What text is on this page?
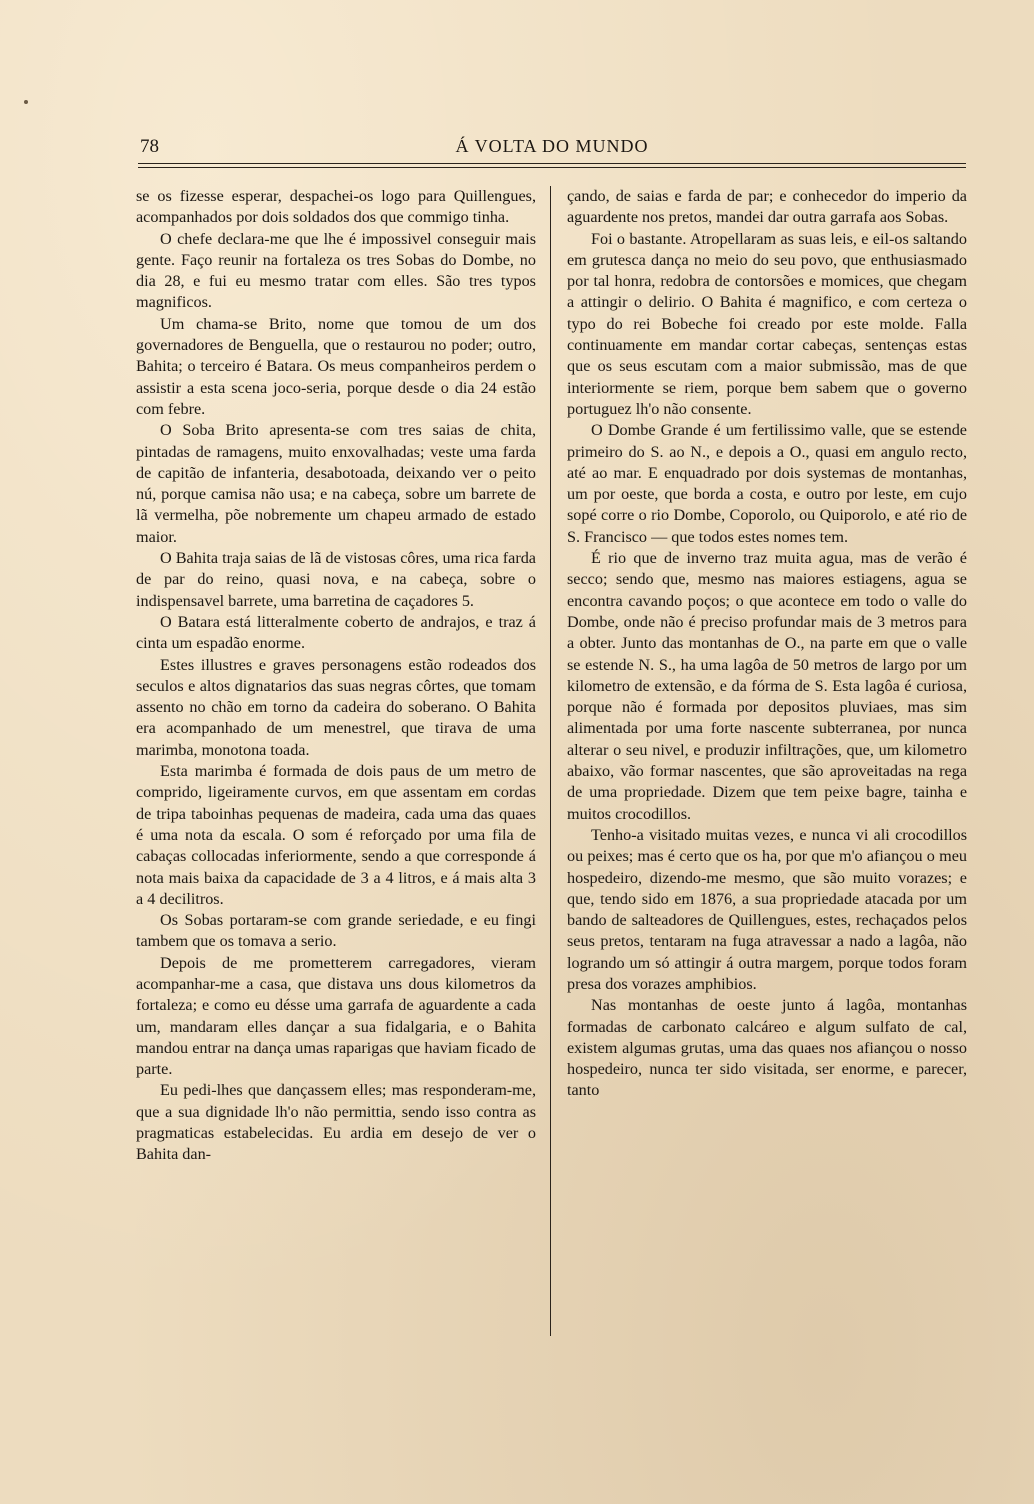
78	Á VOLTA DO MUNDO

se os fizesse esperar, despachei-os logo para Quillengues, acompanhados por dois soldados dos que commigo tinha.

O chefe declara-me que lhe é impossivel conseguir mais gente. Faço reunir na fortaleza os tres Sobas do Dombe, no dia 28, e fui eu mesmo tratar com elles. São tres typos magnificos.

Um chama-se Brito, nome que tomou de um dos governadores de Benguella, que o restaurou no poder; outro, Bahita; o terceiro é Batara. Os meus companheiros perdem o assistir a esta scena joco-seria, porque desde o dia 24 estão com febre.

O Soba Brito apresenta-se com tres saias de chita, pintadas de ramagens, muito enxovalhadas; veste uma farda de capitão de infanteria, desabotoada, deixando ver o peito nú, porque camisa não usa; e na cabeça, sobre um barrete de lã vermelha, põe nobremente um chapeu armado de estado maior.

O Bahita traja saias de lã de vistosas côres, uma rica farda de par do reino, quasi nova, e na cabeça, sobre o indispensavel barrete, uma barretina de caçadores 5.

O Batara está litteralmente coberto de andrajos, e traz á cinta um espadão enorme.

Estes illustres e graves personagens estão rodeados dos seculos e altos dignatarios das suas negras côrtes, que tomam assento no chão em torno da cadeira do soberano. O Bahita era acompanhado de um menestrel, que tirava de uma marimba, monotona toada.

Esta marimba é formada de dois paus de um metro de comprido, ligeiramente curvos, em que assentam em cordas de tripa taboinhas pequenas de madeira, cada uma das quaes é uma nota da escala. O som é reforçado por uma fila de cabaças collocadas inferiormente, sendo a que corresponde á nota mais baixa da capacidade de 3 a 4 litros, e á mais alta 3 a 4 decilitros.

Os Sobas portaram-se com grande seriedade, e eu fingi tambem que os tomava a serio.

Depois de me prometterem carregadores, vieram acompanhar-me a casa, que distava uns dous kilometros da fortaleza; e como eu désse uma garrafa de aguardente a cada um, mandaram elles dançar a sua fidalgaria, e o Bahita mandou entrar na dança umas raparigas que haviam ficado de parte.

Eu pedi-lhes que dançassem elles; mas responderam-me, que a sua dignidade lh'o não permittia, sendo isso contra as pragmaticas estabelecidas. Eu ardia em desejo de ver o Bahita dan-

çando, de saias e farda de par; e conhecedor do imperio da aguardente nos pretos, mandei dar outra garrafa aos Sobas.

Foi o bastante. Atropellaram as suas leis, e eil-os saltando em grutesca dança no meio do seu povo, que enthusiasmado por tal honra, redobra de contorsões e momices, que chegam a attingir o delirio. O Bahita é magnifico, e com certeza o typo do rei Bobeche foi creado por este molde. Falla continuamente em mandar cortar cabeças, sentenças estas que os seus escutam com a maior submissão, mas de que interiormente se riem, porque bem sabem que o governo portuguez lh'o não consente.

O Dombe Grande é um fertilissimo valle, que se estende primeiro do S. ao N., e depois a O., quasi em angulo recto, até ao mar. E enquadrado por dois systemas de montanhas, um por oeste, que borda a costa, e outro por leste, em cujo sopé corre o rio Dombe, Coporolo, ou Quiporolo, e até rio de S. Francisco — que todos estes nomes tem.

É rio que de inverno traz muita agua, mas de verão é secco; sendo que, mesmo nas maiores estiagens, agua se encontra cavando poços; o que acontece em todo o valle do Dombe, onde não é preciso profundar mais de 3 metros para a obter. Junto das montanhas de O., na parte em que o valle se estende N. S., ha uma lagôa de 50 metros de largo por um kilometro de extensão, e da fórma de S. Esta lagôa é curiosa, porque não é formada por depositos pluviaes, mas sim alimentada por uma forte nascente subterranea, por nunca alterar o seu nivel, e produzir infiltrações, que, um kilometro abaixo, vão formar nascentes, que são aproveitadas na rega de uma propriedade. Dizem que tem peixe bagre, tainha e muitos crocodillos.

Tenho-a visitado muitas vezes, e nunca vi ali crocodillos ou peixes; mas é certo que os ha, por que m'o afiançou o meu hospedeiro, dizendo-me mesmo, que são muito vorazes; e que, tendo sido em 1876, a sua propriedade atacada por um bando de salteadores de Quillengues, estes, rechaçados pelos seus pretos, tentaram na fuga atravessar a nado a lagôa, não logrando um só attingir á outra margem, porque todos foram presa dos vorazes amphibios.

Nas montanhas de oeste junto á lagôa, montanhas formadas de carbonato calcáreo e algum sulfato de cal, existem algumas grutas, uma das quaes nos afiançou o nosso hospedeiro, nunca ter sido visitada, ser enorme, e parecer, tanto
